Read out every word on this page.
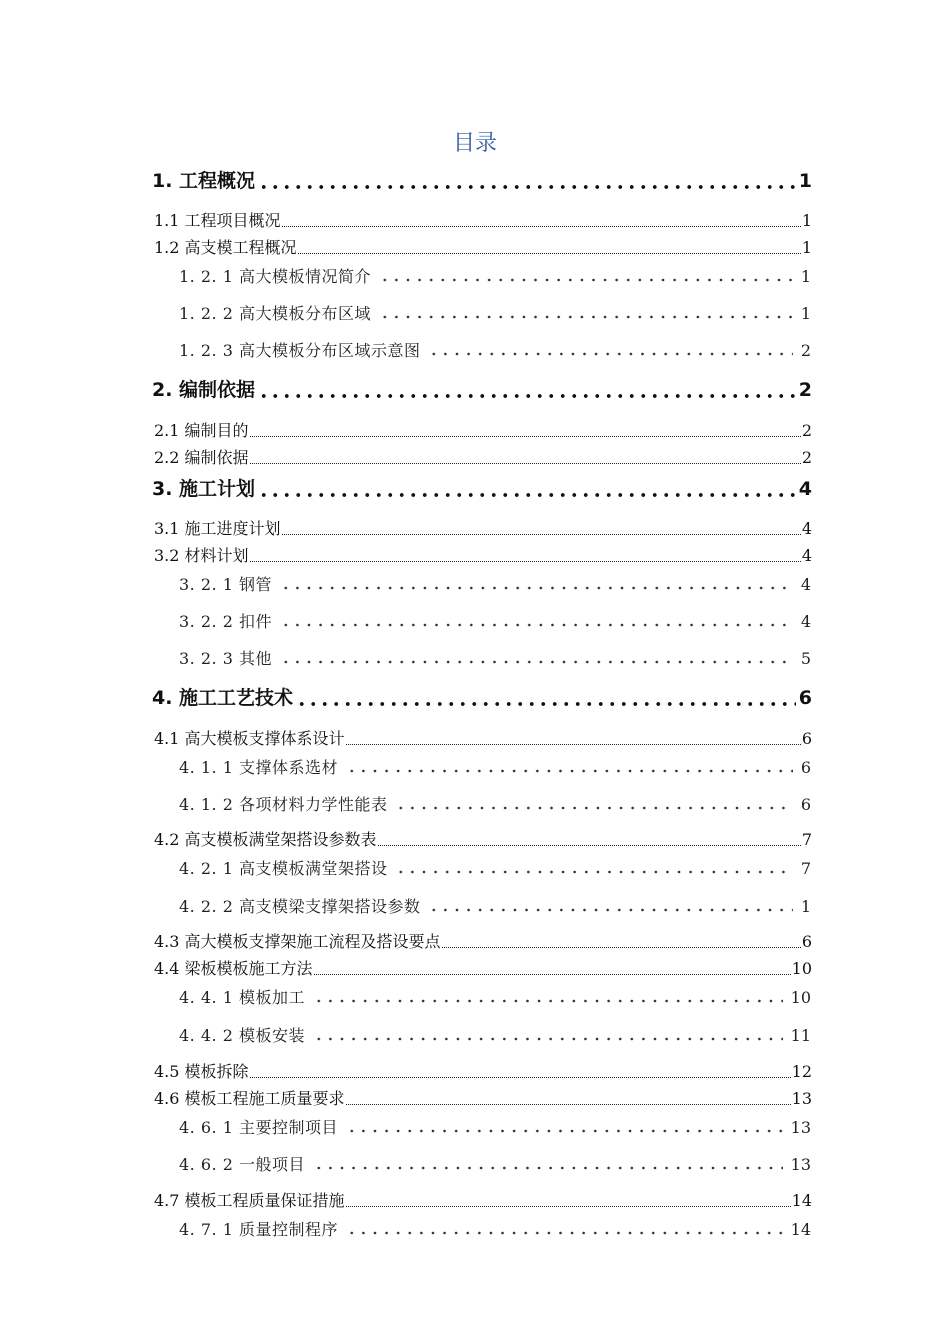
目录
1. 工程概况	1
1.1 工程项目概况	1
1.2 高支模工程概况	1
1. 2. 1 高大模板情况简介	1
1. 2. 2 高大模板分布区域	1
1. 2. 3 高大模板分布区域示意图	2
2. 编制依据	2
2.1 编制目的	2
2.2 编制依据	2
3. 施工计划	4
3.1 施工进度计划	4
3.2 材料计划	4
3. 2. 1 钢管	4
3. 2. 2 扣件	4
3. 2. 3 其他	5
4. 施工工艺技术	6
4.1 高大模板支撑体系设计	6
4. 1. 1 支撑体系选材	6
4. 1. 2 各项材料力学性能表	6
4.2 高支模板满堂架搭设参数表	7
4. 2. 1 高支模板满堂架搭设	7
4. 2. 2 高支模梁支撑架搭设参数	1
4.3 高大模板支撑架施工流程及搭设要点	6
4.4 梁板模板施工方法	10
4. 4. 1 模板加工	10
4. 4. 2 模板安装	11
4.5 模板拆除	12
4.6 模板工程施工质量要求	13
4. 6. 1 主要控制项目	13
4. 6. 2 一般项目	13
4.7 模板工程质量保证措施	14
4. 7. 1 质量控制程序	14
